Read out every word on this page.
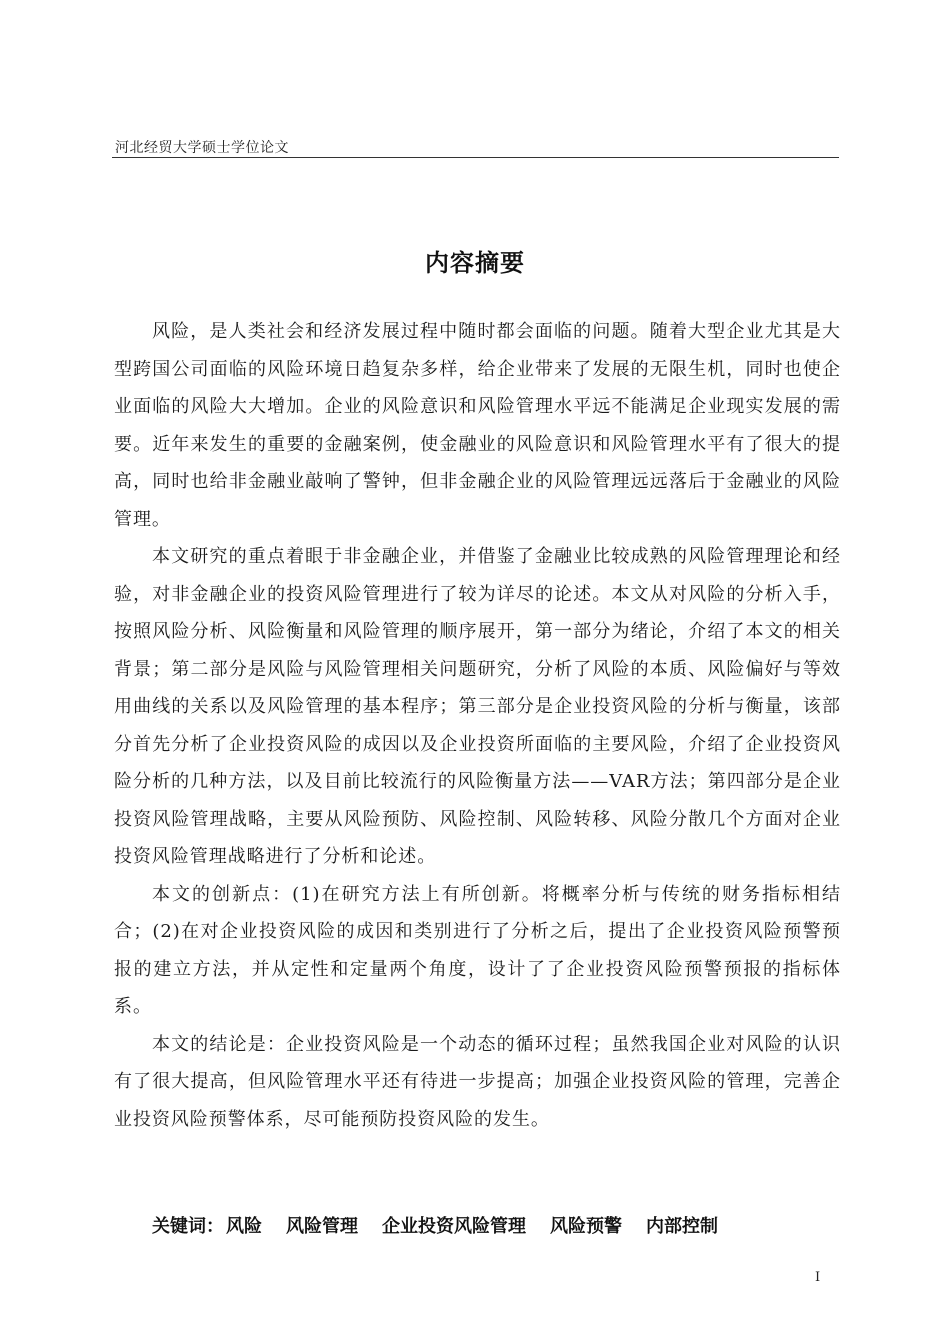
河北经贸大学硕士学位论文
内容摘要

风险，是人类社会和经济发展过程中随时都会面临的问题。随着大型企业尤其是大型跨国公司面临的风险环境日趋复杂多样，给企业带来了发展的无限生机，同时也使企业面临的风险大大增加。企业的风险意识和风险管理水平远不能满足企业现实发展的需要。近年来发生的重要的金融案例，使金融业的风险意识和风险管理水平有了很大的提高，同时也给非金融业敲响了警钟，但非金融企业的风险管理远远落后于金融业的风险管理。

本文研究的重点着眼于非金融企业，并借鉴了金融业比较成熟的风险管理理论和经验，对非金融企业的投资风险管理进行了较为详尽的论述。本文从对风险的分析入手，按照风险分析、风险衡量和风险管理的顺序展开，第一部分为绪论，介绍了本文的相关背景；第二部分是风险与风险管理相关问题研究，分析了风险的本质、风险偏好与等效用曲线的关系以及风险管理的基本程序；第三部分是企业投资风险的分析与衡量，该部分首先分析了企业投资风险的成因以及企业投资所面临的主要风险，介绍了企业投资风险分析的几种方法，以及目前比较流行的风险衡量方法——VAR方法；第四部分是企业投资风险管理战略，主要从风险预防、风险控制、风险转移、风险分散几个方面对企业投资风险管理战略进行了分析和论述。

本文的创新点：(1)在研究方法上有所创新。将概率分析与传统的财务指标相结合；(2)在对企业投资风险的成因和类别进行了分析之后，提出了企业投资风险预警预报的建立方法，并从定性和定量两个角度，设计了了企业投资风险预警预报的指标体系。

本文的结论是：企业投资风险是一个动态的循环过程；虽然我国企业对风险的认识有了很大提高，但风险管理水平还有待进一步提高；加强企业投资风险的管理，完善企业投资风险预警体系，尽可能预防投资风险的发生。

关键词： 风险 风险管理 企业投资风险管理 风险预警 内部控制
I
